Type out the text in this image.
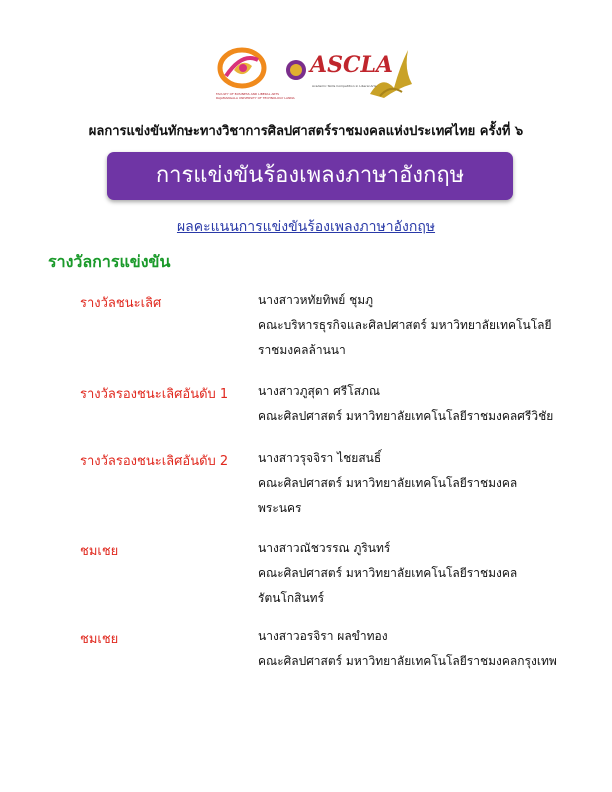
FACULTY OF BUSINESS AND LIBERAL ARTS
RAJAMANGALA UNIVERSITY OF TECHNOLOGY LANNA
ASCLA
Academic Skills Competition in Liberal Arts
ผลการแข่งขันทักษะทางวิชาการศิลปศาสตร์ราชมงคลแห่งประเทศไทย ครั้งที่ ๖
การแข่งขันร้องเพลงภาษาอังกฤษ
ผลคะแนนการแข่งขันร้องเพลงภาษาอังกฤษ
รางวัลการแข่งขัน
รางวัลชนะเลิศ	นางสาวหทัยทิพย์ ชุมภู
คณะบริหารธุรกิจและศิลปศาสตร์ มหาวิทยาลัยเทคโนโลยี
ราชมงคลล้านนา
รางวัลรองชนะเลิศอันดับ 1 นางสาวภูสุดา ศรีโสภณ
คณะศิลปศาสตร์ มหาวิทยาลัยเทคโนโลยีราชมงคลศรีวิชัย
รางวัลรองชนะเลิศอันดับ 2 นางสาวรุจจิรา ไชยสนธิ์
คณะศิลปศาสตร์ มหาวิทยาลัยเทคโนโลยีราชมงคล
พระนคร
ชมเชย	นางสาวณัชวรรณ ภูรินทร์
คณะศิลปศาสตร์ มหาวิทยาลัยเทคโนโลยีราชมงคล
รัตนโกสินทร์
ชมเชย	นางสาวอรจิรา ผลขำทอง
คณะศิลปศาสตร์ มหาวิทยาลัยเทคโนโลยีราชมงคลกรุงเทพ
